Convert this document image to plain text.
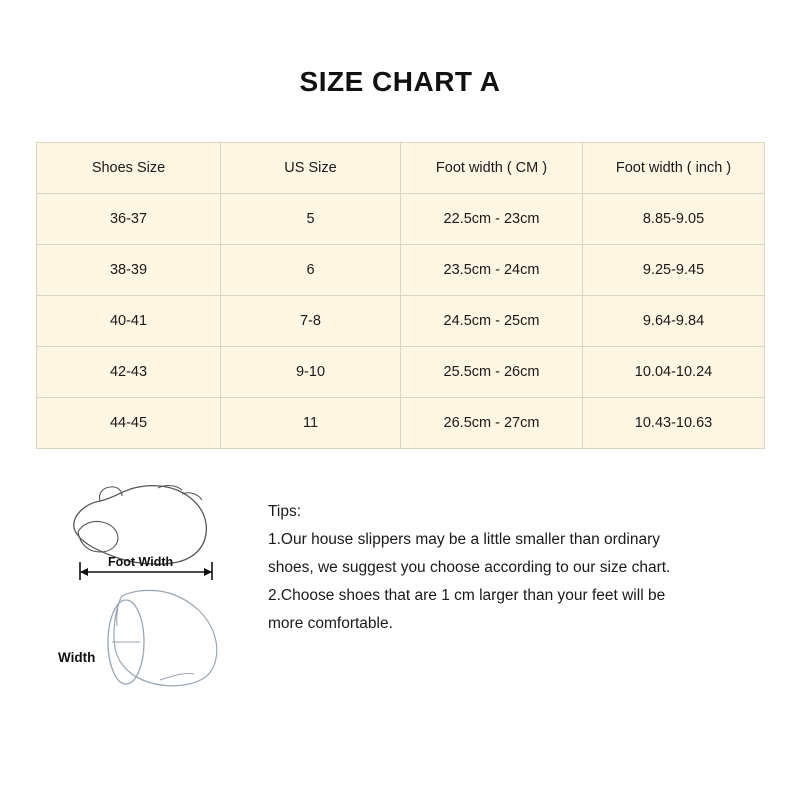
SIZE CHART A
Shoes Size	US Size	Foot width ( CM )	Foot width ( inch )
36-37	5	22.5cm - 23cm	8.85-9.05
38-39	6	23.5cm - 24cm	9.25-9.45
40-41	7-8	24.5cm - 25cm	9.64-9.84
42-43	9-10	25.5cm - 26cm	10.04-10.24
44-45	11	26.5cm - 27cm	10.43-10.63
Foot Width
Width
Tips:
1.Our house slippers may be a little smaller than ordinary
shoes, we suggest you choose according to our size chart.
2.Choose shoes that are 1 cm larger than your feet will be
more comfortable.
